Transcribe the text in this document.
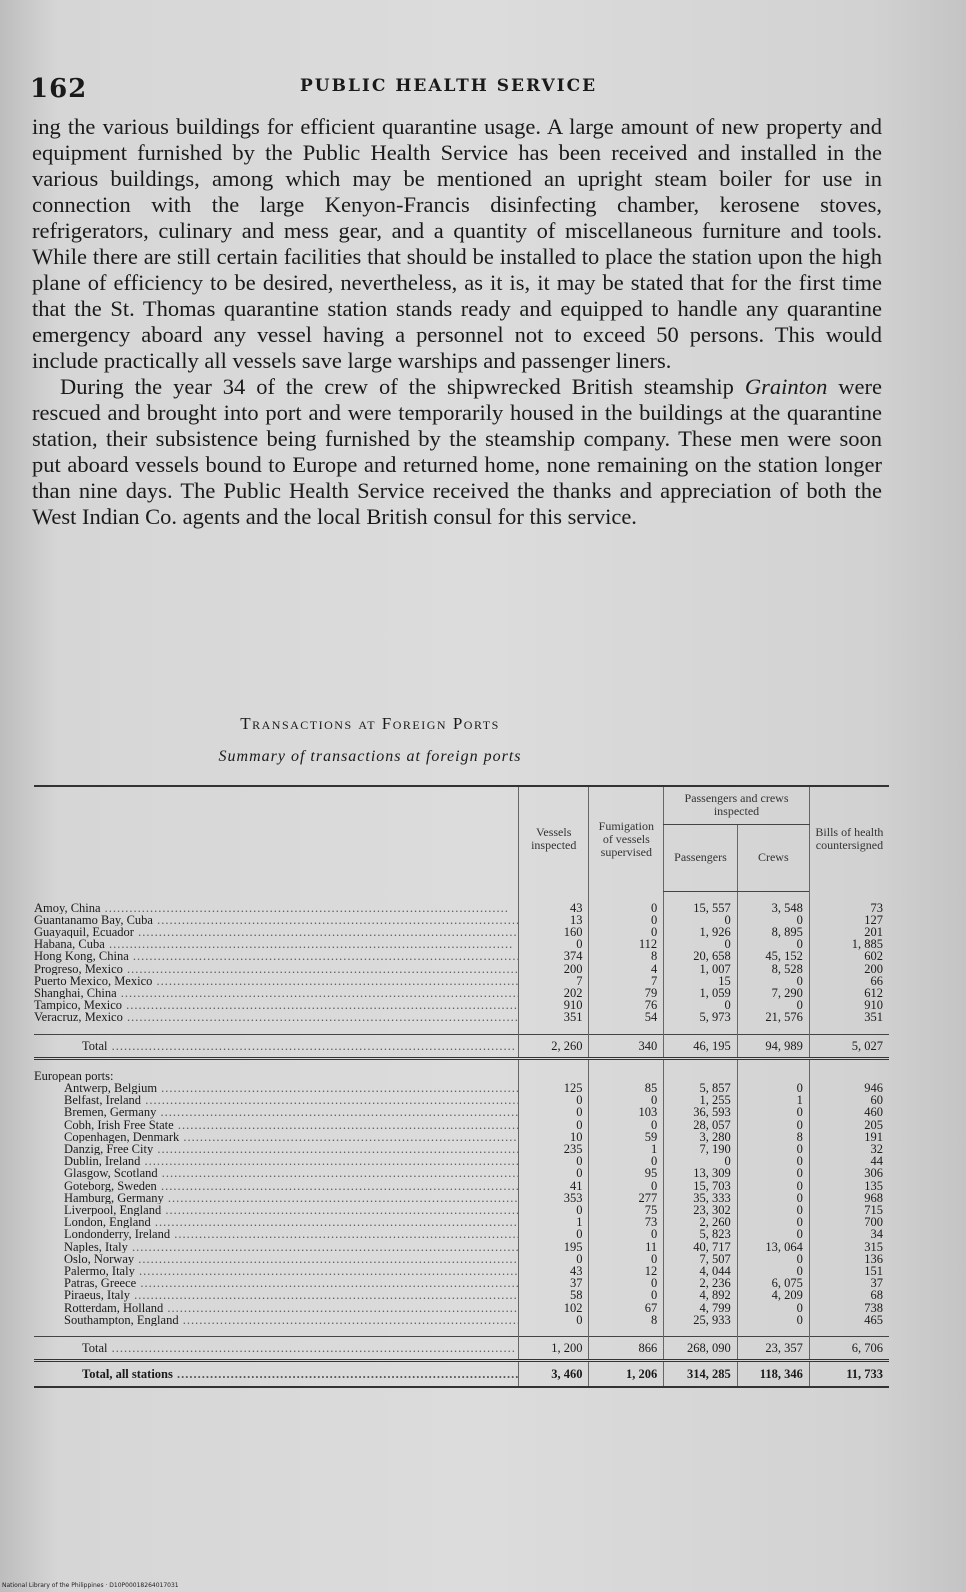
162	PUBLIC HEALTH SERVICE

ing the various buildings for efficient quarantine usage. A large amount of new property and equipment furnished by the Public Health Service has been received and installed in the various buildings, among which may be mentioned an upright steam boiler for use in connection with the large Kenyon-Francis disinfecting chamber, kerosene stoves, refrigerators, culinary and mess gear, and a quantity of miscellaneous furniture and tools. While there are still certain facilities that should be installed to place the station upon the high plane of efficiency to be desired, nevertheless, as it is, it may be stated that for the first time that the St. Thomas quarantine station stands ready and equipped to handle any quarantine emergency aboard any vessel having a personnel not to exceed 50 persons. This would include practically all vessels save large warships and passenger liners.

During the year 34 of the crew of the shipwrecked British steamship Grainton were rescued and brought into port and were temporarily housed in the buildings at the quarantine station, their subsistence being furnished by the steamship company. These men were soon put aboard vessels bound to Europe and returned home, none remaining on the station longer than nine days. The Public Health Service received the thanks and appreciation of both the West Indian Co. agents and the local British consul for this service.

Transactions at Foreign Ports
Summary of transactions at foreign ports
	Vessels inspected	Fumigation of vessels supervised	Passengers and crews inspected		Bills of health countersigned
			Passengers	Crews	

Amoy, China .....	43	0	15, 557	3, 548	73
Guantanamo Bay, Cuba .....	13	0	0	0	127
Guayaquil, Ecuador .....	160	0	1, 926	8, 895	201
Habana, Cuba .....	0	112	0	0	1, 885
Hong Kong, China .....	374	8	20, 658	45, 152	602
Progreso, Mexico .....	200	4	1, 007	8, 528	200
Puerto Mexico, Mexico .....	7	7	15	0	66
Shanghai, China .....	202	79	1, 059	7, 290	612
Tampico, Mexico .....	910	76	0	0	910
Veracruz, Mexico .....	351	54	5, 973	21, 576	351

Total .....	2, 260	340	46, 195	94, 989	5, 027

European ports:					
Antwerp, Belgium .....	125	85	5, 857	0	946
Belfast, Ireland .....	0	0	1, 255	1	60
Bremen, Germany .....	0	103	36, 593	0	460
Cobh, Irish Free State .....	0	0	28, 057	0	205
Copenhagen, Denmark .....	10	59	3, 280	8	191
Danzig, Free City .....	235	1	7, 190	0	32
Dublin, Ireland .....	0	0	0	0	44
Glasgow, Scotland .....	0	95	13, 309	0	306
Goteborg, Sweden .....	41	0	15, 703	0	135
Hamburg, Germany .....	353	277	35, 333	0	968
Liverpool, England .....	0	75	23, 302	0	715
London, England .....	1	73	2, 260	0	700
Londonderry, Ireland .....	0	0	5, 823	0	34
Naples, Italy .....	195	11	40, 717	13, 064	315
Oslo, Norway .....	0	0	7, 507	0	136
Palermo, Italy .....	43	12	4, 044	0	151
Patras, Greece .....	37	0	2, 236	6, 075	37
Piraeus, Italy .....	58	0	4, 892	4, 209	68
Rotterdam, Holland .....	102	67	4, 799	0	738
Southampton, England .....	0	8	25, 933	0	465

Total .....	1, 200	866	268, 090	23, 357	6, 706
Total, all stations .....	3, 460	1, 206	314, 285	118, 346	11, 733
National Library of the Philippines · D10P00018264017031
